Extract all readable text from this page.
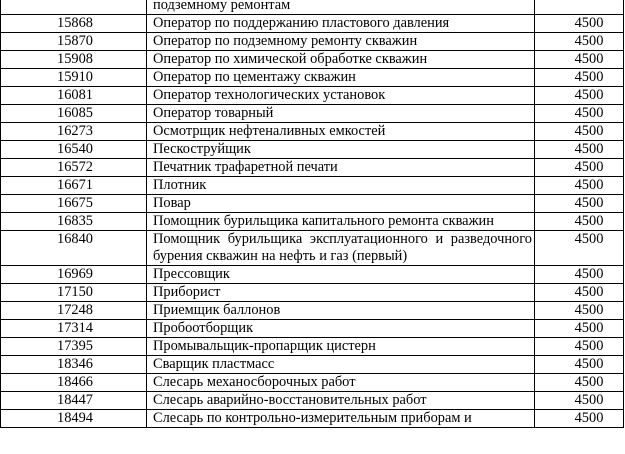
	подземному ремонтам	
15868	Оператор по поддержанию пластового давления	4500
15870	Оператор по подземному ремонту скважин	4500
15908	Оператор по химической обработке скважин	4500
15910	Оператор по цементажу скважин	4500
16081	Оператор технологических установок	4500
16085	Оператор товарный	4500
16273	Осмотрщик нефтеналивных емкостей	4500
16540	Пескоструйщик	4500
16572	Печатник трафаретной печати	4500
16671	Плотник	4500
16675	Повар	4500
16835	Помощник бурильщика капитального ремонта скважин	4500
16840	Помощник бурильщика эксплуатационного и разведочного бурения скважин на нефть и газ (первый)	4500
16969	Прессовщик	4500
17150	Приборист	4500
17248	Приемщик баллонов	4500
17314	Пробоотборщик	4500
17395	Промывальщик-пропарщик цистерн	4500
18346	Сварщик пластмасс	4500
18466	Слесарь механосборочных работ	4500
18447	Слесарь аварийно-восстановительных работ	4500
18494	Слесарь по контрольно-измерительным приборам и	4500
